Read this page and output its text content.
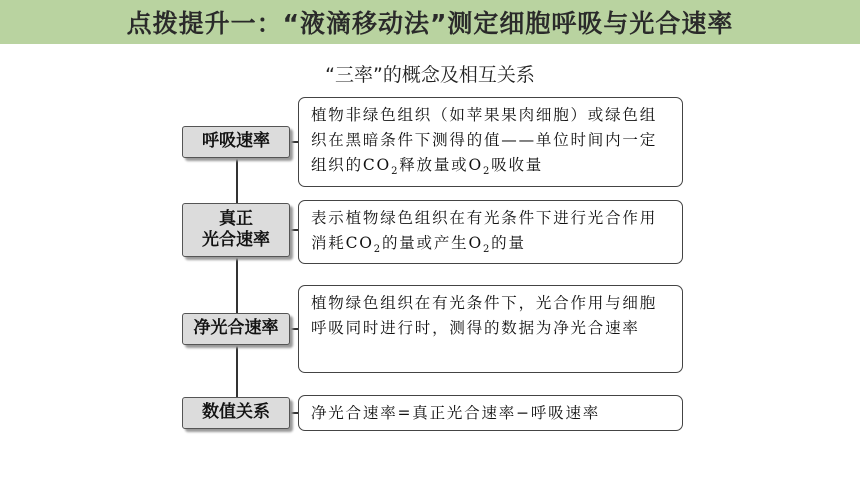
点拨提升一：“液滴移动法”测定细胞呼吸与光合速率
“三率”的概念及相互关系
呼吸速率
植物非绿色组织（如苹果果肉细胞）或绿色组织在黑暗条件下测得的值——单位时间内一定组织的$CO_2$释放量或$O_2$吸收量
真正
光合速率
表示植物绿色组织在有光条件下进行光合作用消耗$CO_2$的量或产生$O_2$的量
净光合速率
植物绿色组织在有光条件下，光合作用与细胞呼吸同时进行时，测得的数据为净光合速率
数值关系	净光合速率=真正光合速率−呼吸速率
